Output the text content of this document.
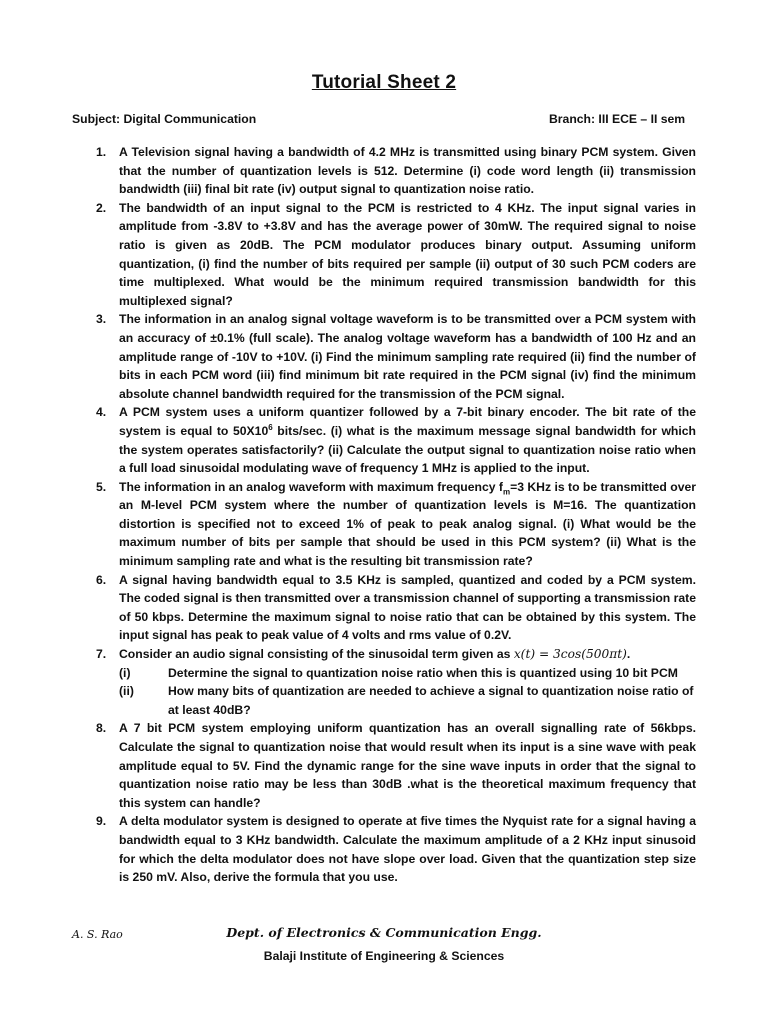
Tutorial Sheet 2
Subject: Digital Communication	Branch: III ECE – II sem
1. A Television signal having a bandwidth of 4.2 MHz is transmitted using binary PCM system. Given that the number of quantization levels is 512. Determine (i) code word length (ii) transmission bandwidth (iii) final bit rate (iv) output signal to quantization noise ratio.
2. The bandwidth of an input signal to the PCM is restricted to 4 KHz. The input signal varies in amplitude from -3.8V to +3.8V and has the average power of 30mW. The required signal to noise ratio is given as 20dB. The PCM modulator produces binary output. Assuming uniform quantization, (i) find the number of bits required per sample (ii) output of 30 such PCM coders are time multiplexed. What would be the minimum required transmission bandwidth for this multiplexed signal?
3. The information in an analog signal voltage waveform is to be transmitted over a PCM system with an accuracy of ±0.1% (full scale). The analog voltage waveform has a bandwidth of 100 Hz and an amplitude range of -10V to +10V. (i) Find the minimum sampling rate required (ii) find the number of bits in each PCM word (iii) find minimum bit rate required in the PCM signal (iv) find the minimum absolute channel bandwidth required for the transmission of the PCM signal.
4. A PCM system uses a uniform quantizer followed by a 7-bit binary encoder. The bit rate of the system is equal to $50X10^6$ bits/sec. (i) what is the maximum message signal bandwidth for which the system operates satisfactorily? (ii) Calculate the output signal to quantization noise ratio when a full load sinusoidal modulating wave of frequency 1 MHz is applied to the input.
5. The information in an analog waveform with maximum frequency $f_m=3$ KHz is to be transmitted over an M-level PCM system where the number of quantization levels is M=16. The quantization distortion is specified not to exceed 1% of peak to peak analog signal. (i) What would be the maximum number of bits per sample that should be used in this PCM system? (ii) What is the minimum sampling rate and what is the resulting bit transmission rate?
6. A signal having bandwidth equal to 3.5 KHz is sampled, quantized and coded by a PCM system. The coded signal is then transmitted over a transmission channel of supporting a transmission rate of 50 kbps. Determine the maximum signal to noise ratio that can be obtained by this system. The input signal has peak to peak value of 4 volts and rms value of 0.2V.
7. Consider an audio signal consisting of the sinusoidal term given as x(t) = 3cos(500πt).
(i)	Determine the signal to quantization noise ratio when this is quantized using 10 bit PCM
(ii)	How many bits of quantization are needed to achieve a signal to quantization noise ratio of at least 40dB?
8. A 7 bit PCM system employing uniform quantization has an overall signalling rate of 56kbps. Calculate the signal to quantization noise that would result when its input is a sine wave with peak amplitude equal to 5V. Find the dynamic range for the sine wave inputs in order that the signal to quantization noise ratio may be less than 30dB .what is the theoretical maximum frequency that this system can handle?
9. A delta modulator system is designed to operate at five times the Nyquist rate for a signal having a bandwidth equal to 3 KHz bandwidth. Calculate the maximum amplitude of a 2 KHz input sinusoid for which the delta modulator does not have slope over load. Given that the quantization step size is 250 mV. Also, derive the formula that you use.
A. S. Rao	Dept. of Electronics & Communication Engg.
Balaji Institute of Engineering & Sciences
